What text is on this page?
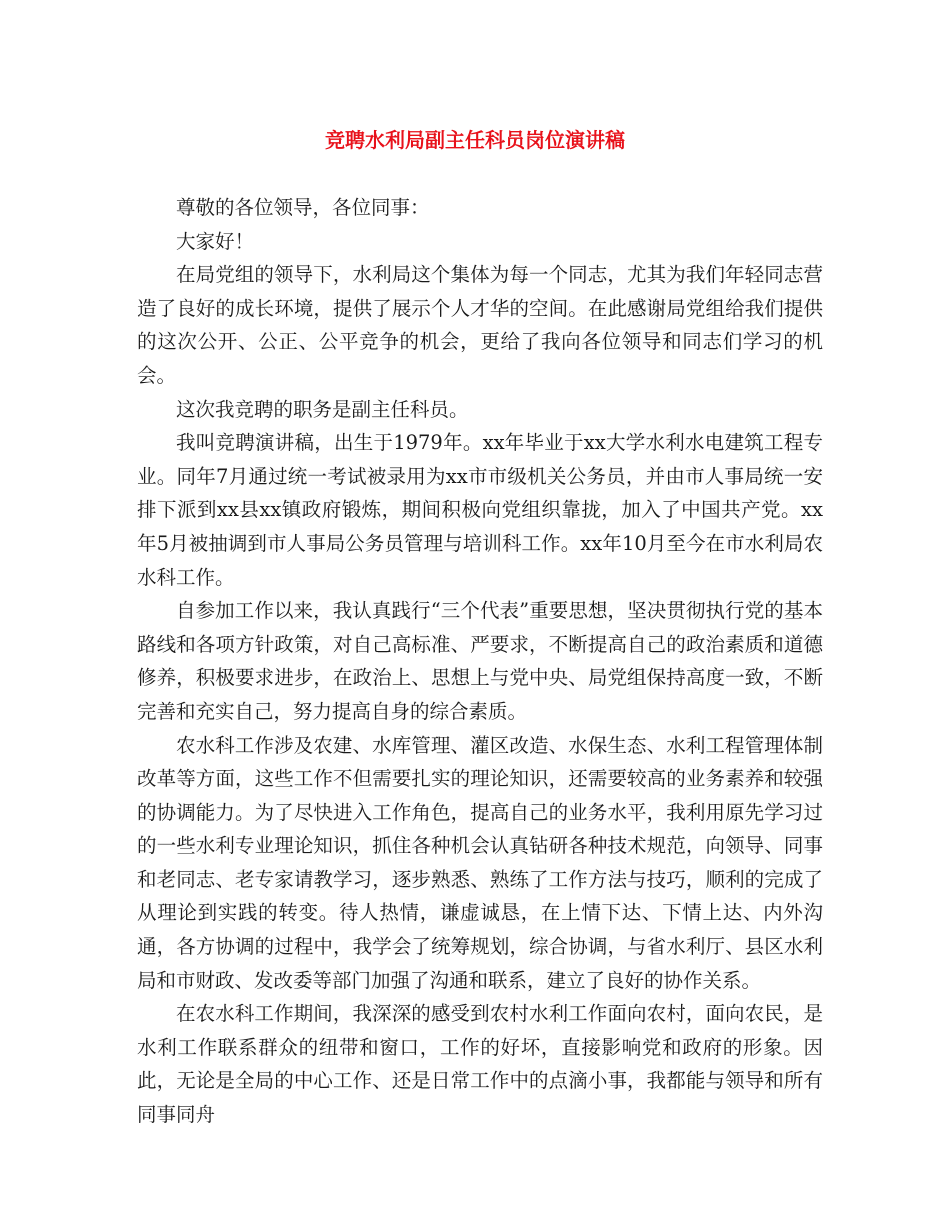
竞聘水利局副主任科员岗位演讲稿

尊敬的各位领导，各位同事：

大家好！

在局党组的领导下，水利局这个集体为每一个同志，尤其为我们年轻同志营造了良好的成长环境，提供了展示个人才华的空间。在此感谢局党组给我们提供的这次公开、公正、公平竞争的机会，更给了我向各位领导和同志们学习的机会。

这次我竞聘的职务是副主任科员。

我叫竞聘演讲稿，出生于1979年。xx年毕业于xx大学水利水电建筑工程专业。同年7月通过统一考试被录用为xx市市级机关公务员，并由市人事局统一安排下派到xx县xx镇政府锻炼，期间积极向党组织靠拢，加入了中国共产党。xx年5月被抽调到市人事局公务员管理与培训科工作。xx年10月至今在市水利局农水科工作。

自参加工作以来，我认真践行“三个代表”重要思想，坚决贯彻执行党的基本路线和各项方针政策，对自己高标准、严要求，不断提高自己的政治素质和道德修养，积极要求进步，在政治上、思想上与党中央、局党组保持高度一致，不断完善和充实自己，努力提高自身的综合素质。

农水科工作涉及农建、水库管理、灌区改造、水保生态、水利工程管理体制改革等方面，这些工作不但需要扎实的理论知识，还需要较高的业务素养和较强的协调能力。为了尽快进入工作角色，提高自己的业务水平，我利用原先学习过的一些水利专业理论知识，抓住各种机会认真钻研各种技术规范，向领导、同事和老同志、老专家请教学习，逐步熟悉、熟练了工作方法与技巧，顺利的完成了从理论到实践的转变。待人热情，谦虚诚恳，在上情下达、下情上达、内外沟通，各方协调的过程中，我学会了统筹规划，综合协调，与省水利厅、县区水利局和市财政、发改委等部门加强了沟通和联系，建立了良好的协作关系。

在农水科工作期间，我深深的感受到农村水利工作面向农村，面向农民，是水利工作联系群众的纽带和窗口，工作的好坏，直接影响党和政府的形象。因此，无论是全局的中心工作、还是日常工作中的点滴小事，我都能与领导和所有同事同舟
